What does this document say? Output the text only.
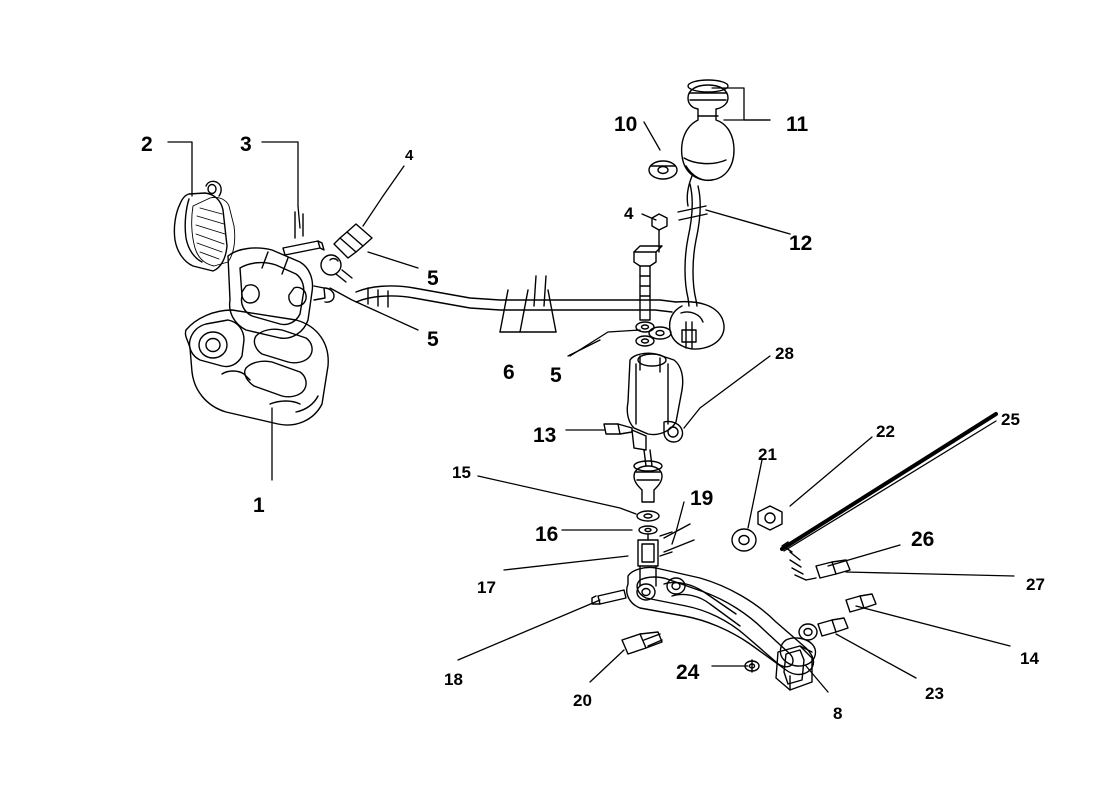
2	3	4
10	11
4
12
5
5
6 5
28
1
13
25
22
21
15
19
16	26
17	27
14
24
18
23
20
8
